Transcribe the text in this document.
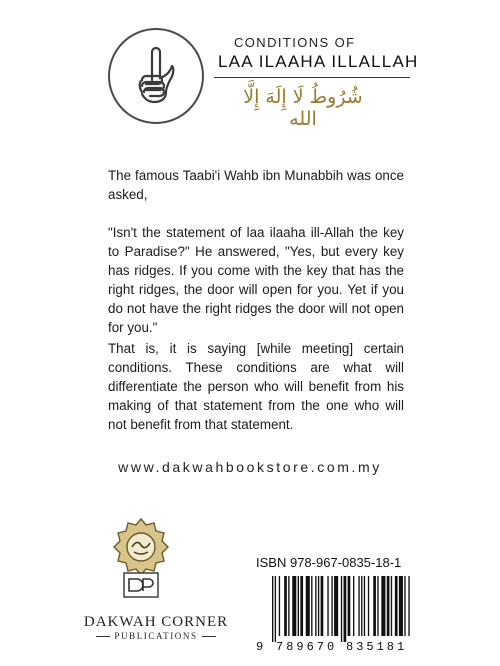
CONDITIONS OF
LAA ILAAHA ILLALLAH
شُرُوطُ لَا إِلَهَ إِلَّا الله

The famous Taabi'i Wahb ibn Munabbih was once asked,

"Isn't the statement of laa ilaaha ill-Allah the key to Paradise?" He answered, "Yes, but every key has ridges. If you come with the key that has the right ridges, the door will open for you. Yet if you do not have the right ridges the door will not open for you."

That is, it is saying [while meeting] certain conditions. These conditions are what will differentiate the person who will benefit from his making of that statement from the one who will not benefit from that statement.

www.dakwahbookstore.com.my
DAKWAH CORNER
PUBLICATIONS
ISBN 978-967-0835-18-1
9 789670 835181
